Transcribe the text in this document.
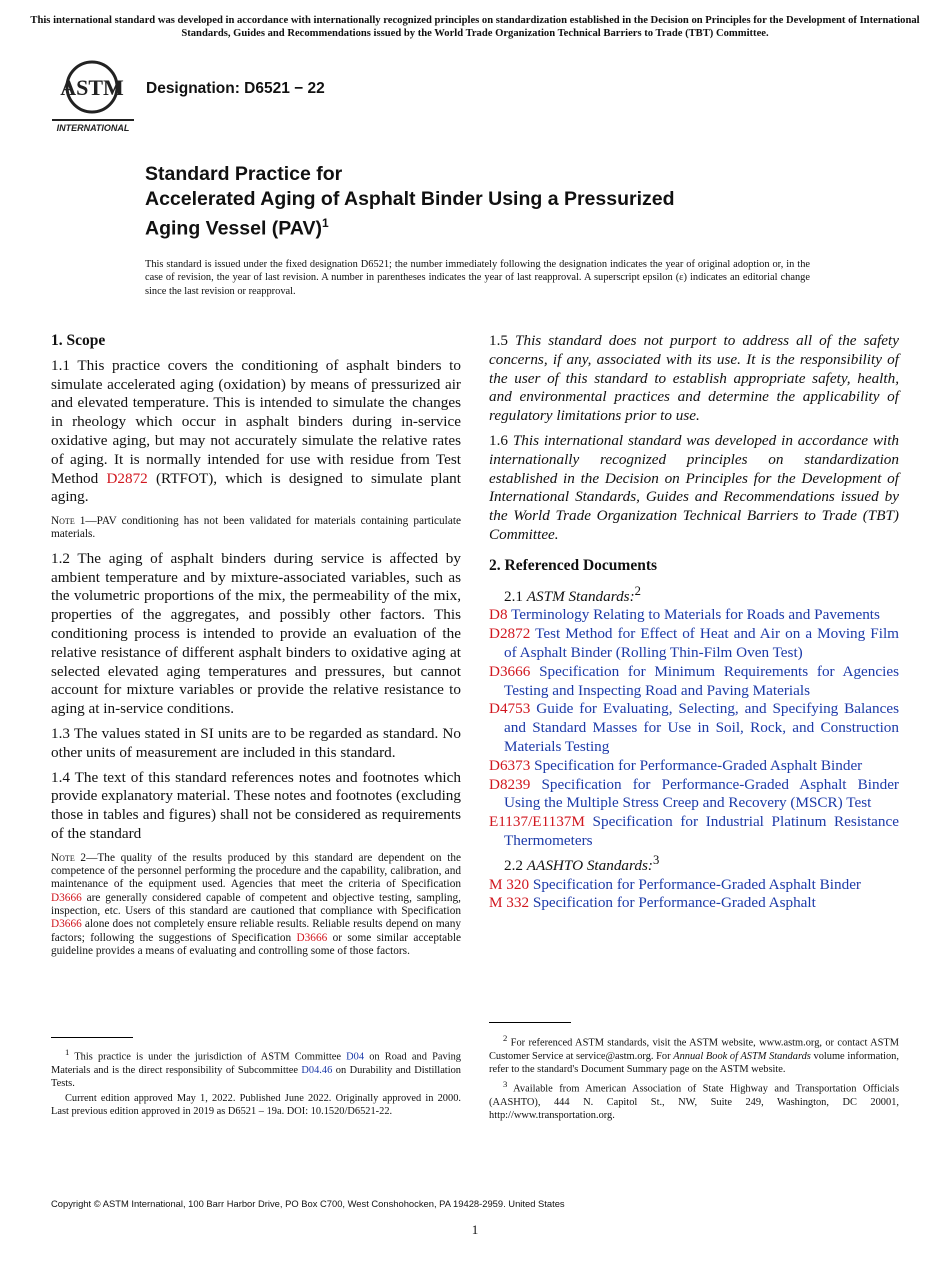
This international standard was developed in accordance with internationally recognized principles on standardization established in the Decision on Principles for the Development of International Standards, Guides and Recommendations issued by the World Trade Organization Technical Barriers to Trade (TBT) Committee.
ASTM
INTERNATIONAL
Designation: D6521 − 22
Standard Practice for
Accelerated Aging of Asphalt Binder Using a Pressurized
Aging Vessel (PAV)$^1$
This standard is issued under the fixed designation D6521; the number immediately following the designation indicates the year of original adoption or, in the case of revision, the year of last revision. A number in parentheses indicates the year of last reapproval. A superscript epsilon (ε) indicates an editorial change since the last revision or reapproval.
1. Scope

1.1 This practice covers the conditioning of asphalt binders to simulate accelerated aging (oxidation) by means of pressurized air and elevated temperature. This is intended to simulate the changes in rheology which occur in asphalt binders during in-service oxidative aging, but may not accurately simulate the relative rates of aging. It is normally intended for use with residue from Test Method D2872 (RTFOT), which is designed to simulate plant aging.

Note 1—PAV conditioning has not been validated for materials containing particulate materials.

1.2 The aging of asphalt binders during service is affected by ambient temperature and by mixture-associated variables, such as the volumetric proportions of the mix, the permeability of the mix, properties of the aggregates, and possibly other factors. This conditioning process is intended to provide an evaluation of the relative resistance of different asphalt binders to oxidative aging at selected elevated aging temperatures and pressures, but cannot account for mixture variables or provide the relative resistance to aging at in-service conditions.

1.3 The values stated in SI units are to be regarded as standard. No other units of measurement are included in this standard.

1.4 The text of this standard references notes and footnotes which provide explanatory material. These notes and footnotes (excluding those in tables and figures) shall not be considered as requirements of the standard

Note 2—The quality of the results produced by this standard are dependent on the competence of the personnel performing the procedure and the capability, calibration, and maintenance of the equipment used. Agencies that meet the criteria of Specification D3666 are generally considered capable of competent and objective testing, sampling, inspection, etc. Users of this standard are cautioned that compliance with Specification D3666 alone does not completely ensure reliable results. Reliable results depend on many factors; following the suggestions of Specification D3666 or some similar acceptable guideline provides a means of evaluating and controlling some of those factors.

1.5 This standard does not purport to address all of the safety concerns, if any, associated with its use. It is the responsibility of the user of this standard to establish appropriate safety, health, and environmental practices and determine the applicability of regulatory limitations prior to use.

1.6 This international standard was developed in accordance with internationally recognized principles on standardization established in the Decision on Principles for the Development of International Standards, Guides and Recommendations issued by the World Trade Organization Technical Barriers to Trade (TBT) Committee.

2. Referenced Documents

2.1 ASTM Standards:$^2$

D8 Terminology Relating to Materials for Roads and Pavements

D2872 Test Method for Effect of Heat and Air on a Moving Film of Asphalt Binder (Rolling Thin-Film Oven Test)

D3666 Specification for Minimum Requirements for Agencies Testing and Inspecting Road and Paving Materials

D4753 Guide for Evaluating, Selecting, and Specifying Balances and Standard Masses for Use in Soil, Rock, and Construction Materials Testing

D6373 Specification for Performance-Graded Asphalt Binder

D8239 Specification for Performance-Graded Asphalt Binder Using the Multiple Stress Creep and Recovery (MSCR) Test

E1137/E1137M Specification for Industrial Platinum Resistance Thermometers

2.2 AASHTO Standards:$^3$

M 320 Specification for Performance-Graded Asphalt Binder

M 332 Specification for Performance-Graded Asphalt

$^1$ This practice is under the jurisdiction of ASTM Committee D04 on Road and Paving Materials and is the direct responsibility of Subcommittee D04.46 on Durability and Distillation Tests.

Current edition approved May 1, 2022. Published June 2022. Originally approved in 2000. Last previous edition approved in 2019 as D6521 – 19a. DOI: 10.1520/D6521-22.

$^2$ For referenced ASTM standards, visit the ASTM website, www.astm.org, or contact ASTM Customer Service at service@astm.org. For Annual Book of ASTM Standards volume information, refer to the standard's Document Summary page on the ASTM website.

$^3$ Available from American Association of State Highway and Transportation Officials (AASHTO), 444 N. Capitol St., NW, Suite 249, Washington, DC 20001, http://www.transportation.org.

Copyright © ASTM International, 100 Barr Harbor Drive, PO Box C700, West Conshohocken, PA 19428-2959. United States
1
